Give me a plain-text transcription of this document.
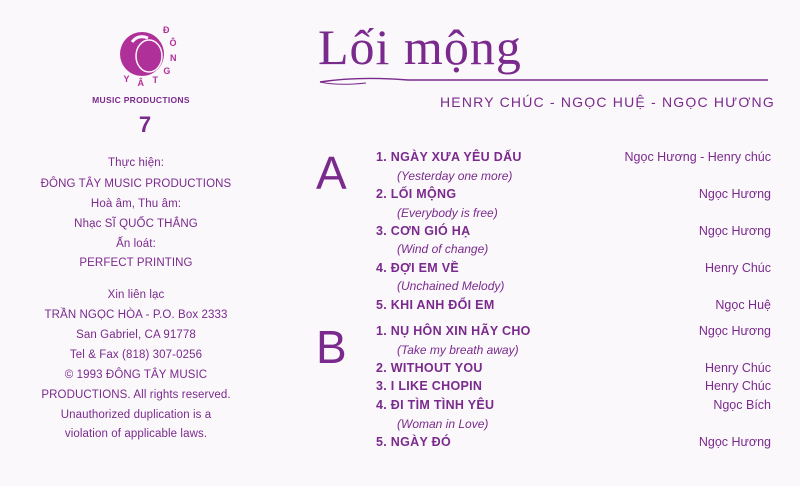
Đ
Ô
N
G
T
Â
Y
MUSIC PRODUCTIONS
7
Thực hiện:
ĐÔNG TÂY MUSIC PRODUCTIONS
Hoà âm, Thu âm:
Nhạc SĨ QUỐC THẮNG
Ấn loát:
PERFECT PRINTING
Xin liên lạc
TRẦN NGỌC HÒA - P.O. Box 2333
San Gabriel, CA 91778
Tel & Fax (818) 307-0256
© 1993 ĐÔNG TÂY MUSIC
PRODUCTIONS. All rights reserved.
Unauthorized duplication is a
violation of applicable laws.
Lối mộng
HENRY CHÚC - NGỌC HUỆ - NGỌC HƯƠNG
A 1. NGÀY XƯA YÊU DẤU	Ngọc Hương - Henry chúc
(Yesterday one more)
2. LỐI MỘNG	Ngọc Hương
(Everybody is free)
3. CƠN GIÓ HẠ	Ngọc Hương
(Wind of change)
4. ĐỢI EM VỀ	Henry Chúc
(Unchained Melody)
5. KHI ANH ĐỔI EM	Ngọc Huệ
B 1. NỤ HÔN XIN HÃY CHO	Ngọc Hương
(Take my breath away)
2. WITHOUT YOU	Henry Chúc
3. I LIKE CHOPIN	Henry Chúc
4. ĐI TÌM TÌNH YÊU	Ngọc Bích
(Woman in Love)
5. NGÀY ĐÓ	Ngọc Hương
